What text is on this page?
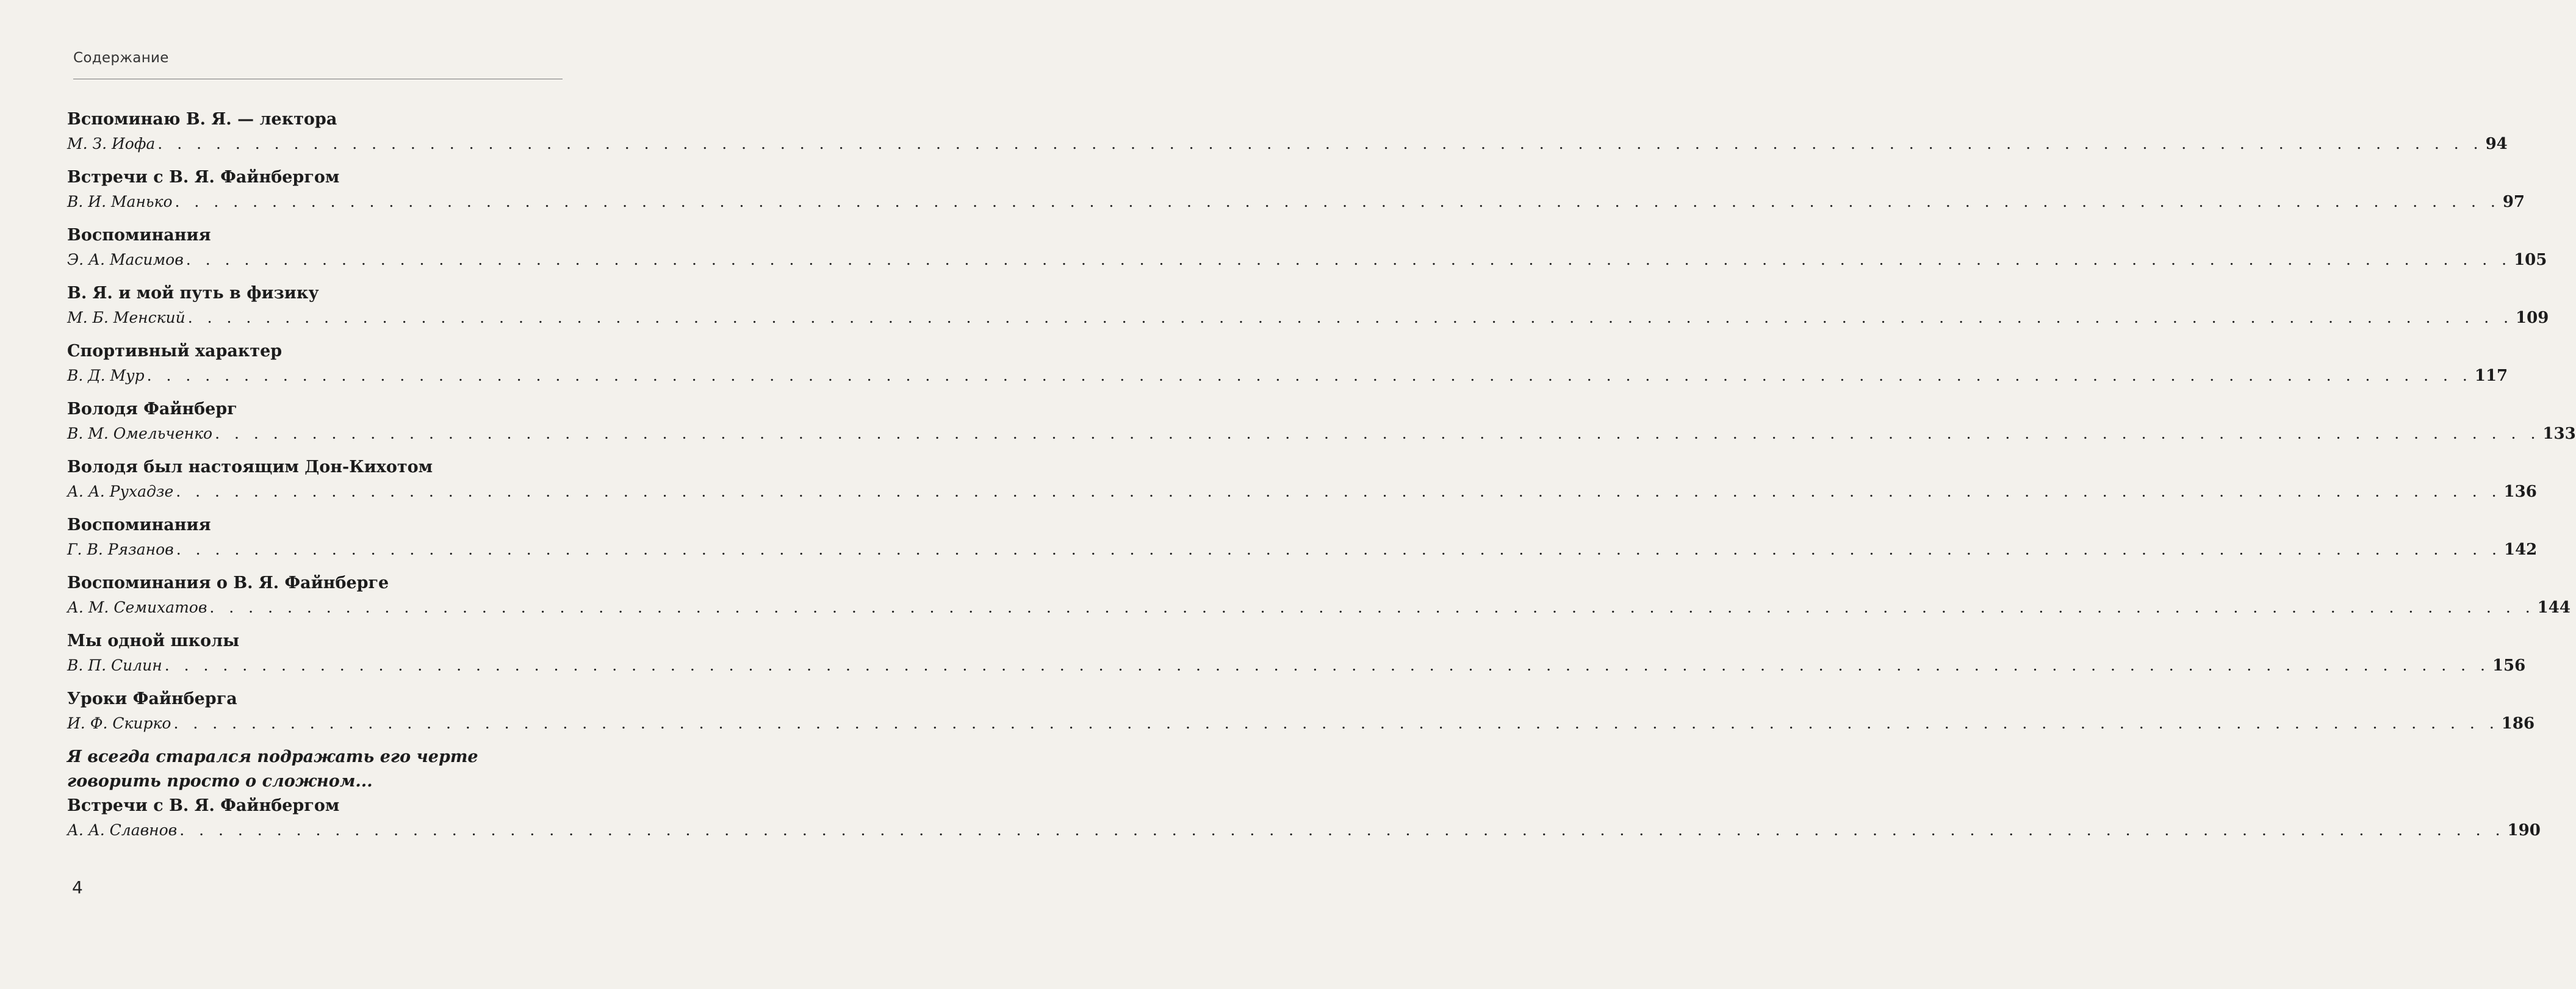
Содержание
Вспоминаю В. Я. — лектора
М. З. Иофа . . . . . . . . . . . . . . . . . . . . . . . . . . . . . . . . . . . . . . . . . . . . . . . . . . . . . . . . . . . . . . . . . . . . . . . . . . . . . . . . . . . . . . . . . . . . . . . . . . . . . . . . . . . . . . . . . . . . . . . . 94
Встречи с В. Я. Файнбергом
В. И. Манько . . . . . . . . . . . . . . . . . . . . . . . . . . . . . . . . . . . . . . . . . . . . . . . . . . . . . . . . . . . . . . . . . . . . . . . . . . . . . . . . . . . . . . . . . . . . . . . . . . . . . . . . . . . . . . . . . . . . . . . . 97
Воспоминания
Э. А. Масимов . . . . . . . . . . . . . . . . . . . . . . . . . . . . . . . . . . . . . . . . . . . . . . . . . . . . . . . . . . . . . . . . . . . . . . . . . . . . . . . . . . . . . . . . . . . . . . . . . . . . . . . . . . . . . . . . . . . . . . . . 105
В. Я. и мой путь в физику
М. Б. Менский . . . . . . . . . . . . . . . . . . . . . . . . . . . . . . . . . . . . . . . . . . . . . . . . . . . . . . . . . . . . . . . . . . . . . . . . . . . . . . . . . . . . . . . . . . . . . . . . . . . . . . . . . . . . . . . . . . . . . . . . 109
Спортивный характер
В. Д. Мур . . . . . . . . . . . . . . . . . . . . . . . . . . . . . . . . . . . . . . . . . . . . . . . . . . . . . . . . . . . . . . . . . . . . . . . . . . . . . . . . . . . . . . . . . . . . . . . . . . . . . . . . . . . . . . . . . . . . . . . . 117
Володя Файнберг
В. М. Омельченко . . . . . . . . . . . . . . . . . . . . . . . . . . . . . . . . . . . . . . . . . . . . . . . . . . . . . . . . . . . . . . . . . . . . . . . . . . . . . . . . . . . . . . . . . . . . . . . . . . . . . . . . . . . . . . . . . . . . . . . . 133
Володя был настоящим Дон-Кихотом
А. А. Рухадзе . . . . . . . . . . . . . . . . . . . . . . . . . . . . . . . . . . . . . . . . . . . . . . . . . . . . . . . . . . . . . . . . . . . . . . . . . . . . . . . . . . . . . . . . . . . . . . . . . . . . . . . . . . . . . . . . . . . . . . . . 136
Воспоминания
Г. В. Рязанов . . . . . . . . . . . . . . . . . . . . . . . . . . . . . . . . . . . . . . . . . . . . . . . . . . . . . . . . . . . . . . . . . . . . . . . . . . . . . . . . . . . . . . . . . . . . . . . . . . . . . . . . . . . . . . . . . . . . . . . . 142
Воспоминания о В. Я. Файнберге
А. М. Семихатов . . . . . . . . . . . . . . . . . . . . . . . . . . . . . . . . . . . . . . . . . . . . . . . . . . . . . . . . . . . . . . . . . . . . . . . . . . . . . . . . . . . . . . . . . . . . . . . . . . . . . . . . . . . . . . . . . . . . . . . . 144
Мы одной школы
В. П. Силин . . . . . . . . . . . . . . . . . . . . . . . . . . . . . . . . . . . . . . . . . . . . . . . . . . . . . . . . . . . . . . . . . . . . . . . . . . . . . . . . . . . . . . . . . . . . . . . . . . . . . . . . . . . . . . . . . . . . . . . . 156
Уроки Файнберга
И. Ф. Скирко . . . . . . . . . . . . . . . . . . . . . . . . . . . . . . . . . . . . . . . . . . . . . . . . . . . . . . . . . . . . . . . . . . . . . . . . . . . . . . . . . . . . . . . . . . . . . . . . . . . . . . . . . . . . . . . . . . . . . . . . 186
Я всегда старался подражать его черте
говорить просто о сложном...
Встречи с В. Я. Файнбергом
А. А. Славнов . . . . . . . . . . . . . . . . . . . . . . . . . . . . . . . . . . . . . . . . . . . . . . . . . . . . . . . . . . . . . . . . . . . . . . . . . . . . . . . . . . . . . . . . . . . . . . . . . . . . . . . . . . . . . . . . . . . . . . . . 190
4
